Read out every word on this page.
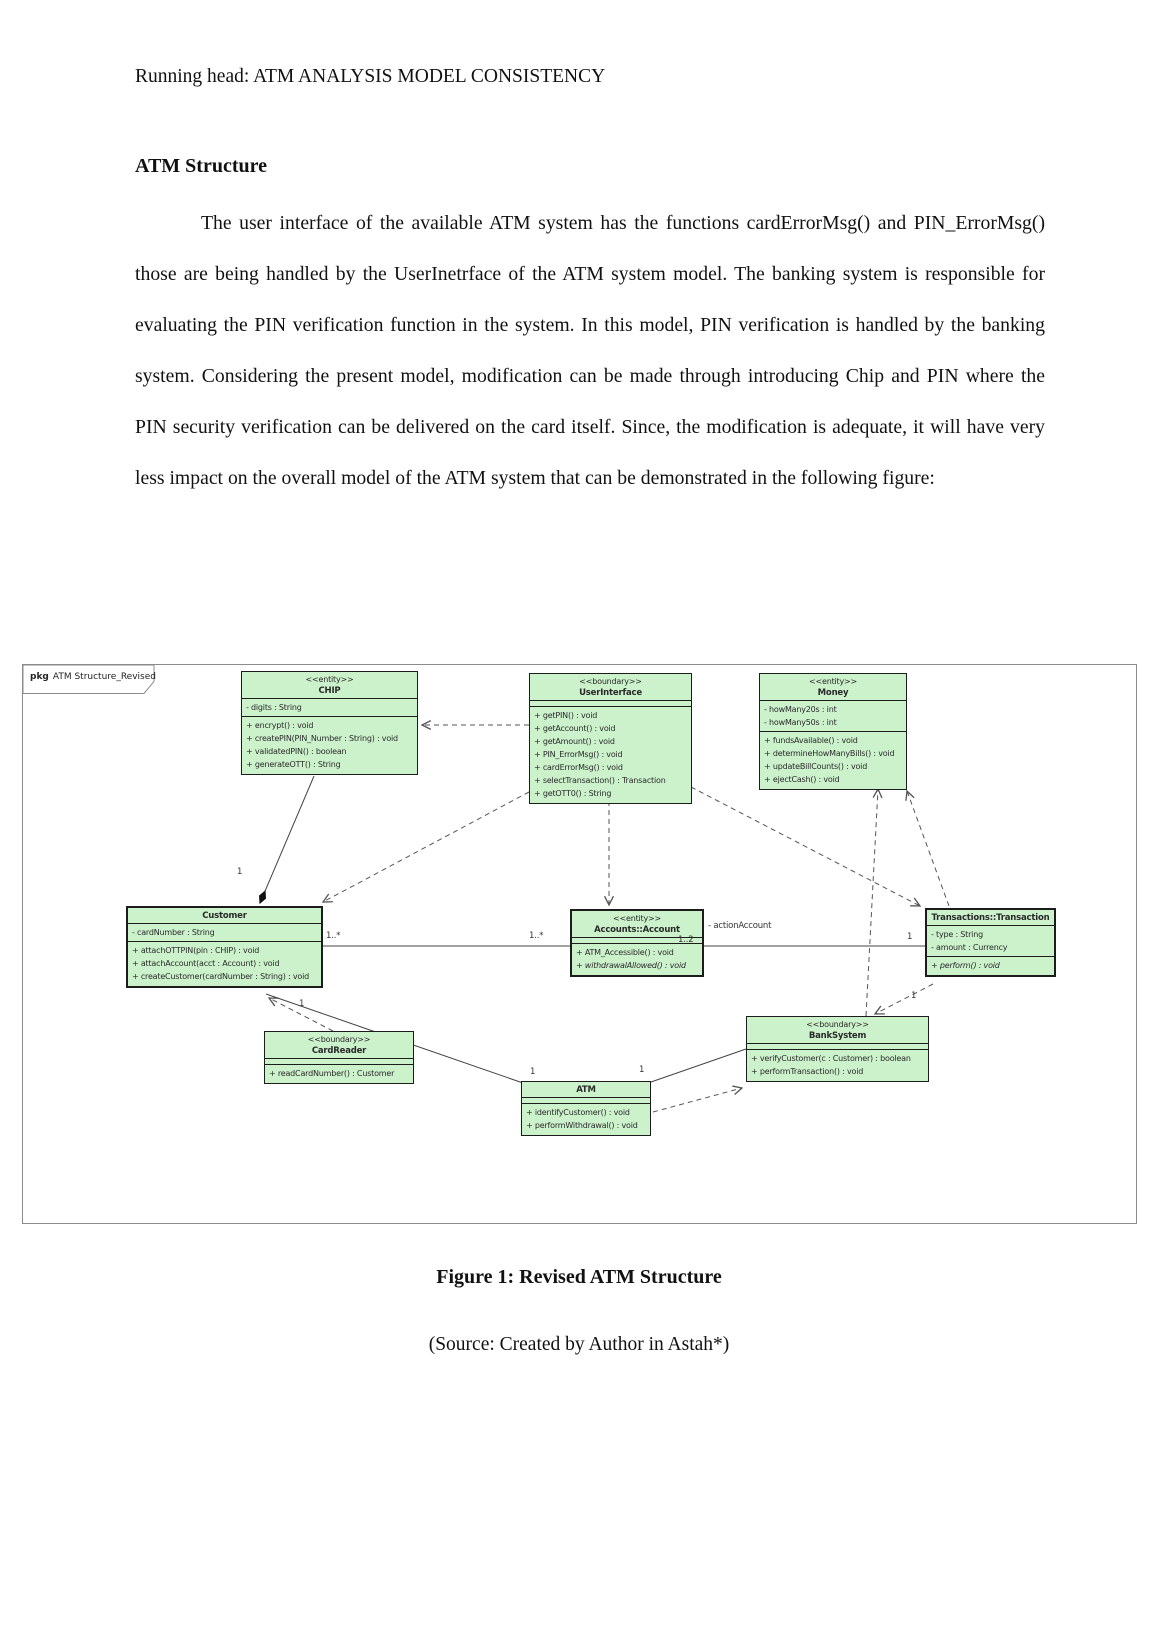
Running head: ATM ANALYSIS MODEL CONSISTENCY
ATM Structure

The user interface of the available ATM system has the functions cardErrorMsg() and PIN_ErrorMsg() those are being handled by the UserInetrface of the ATM system model. The banking system is responsible for evaluating the PIN verification function in the system. In this model, PIN verification is handled by the banking system. Considering the present model, modification can be made through introducing Chip and PIN where the PIN security verification can be delivered on the card itself. Since, the modification is adequate, it will have very less impact on the overall model of the ATM system that can be demonstrated in the following figure:

pkg ATM Structure_Revised	<<entity>>
CHIP
- digits : String
+ encrypt() : void
+ createPIN(PIN_Number : String) : void
+ validatedPIN() : boolean
+ generateOTT() : String
<<boundary>>
UserInterface
+ getPIN() : void
+ getAccount() : void
+ getAmount() : void
+ PIN_ErrorMsg() : void
+ cardErrorMsg() : void
+ selectTransaction() : Transaction
+ getOTT0() : String
<<entity>>
Money
- howMany20s : int
- howMany50s : int
+ fundsAvailable() : void
+ determineHowManyBills() : void
+ updateBillCounts() : void
+ ejectCash() : void
Customer
- cardNumber : String
+ attachOTTPIN(pin : CHIP) : void
+ attachAccount(acct : Account) : void
+ createCustomer(cardNumber : String) : void
<<entity>>
Accounts::Account
+ ATM_Accessible() : void
+ withdrawalAllowed() : void
Transactions::Transaction
- type : String
- amount : Currency
+ perform() : void
<<boundary>>
CardReader
+ readCardNumber() : Customer
ATM
+ identifyCustomer() : void
+ performWithdrawal() : void
<<boundary>>
BankSystem
+ verifyCustomer(c : Customer) : boolean
+ performTransaction() : void
1
1..*	1..*	1..2
- actionAccount
1
1
1
1	1
Figure 1: Revised ATM Structure
(Source: Created by Author in Astah*)
